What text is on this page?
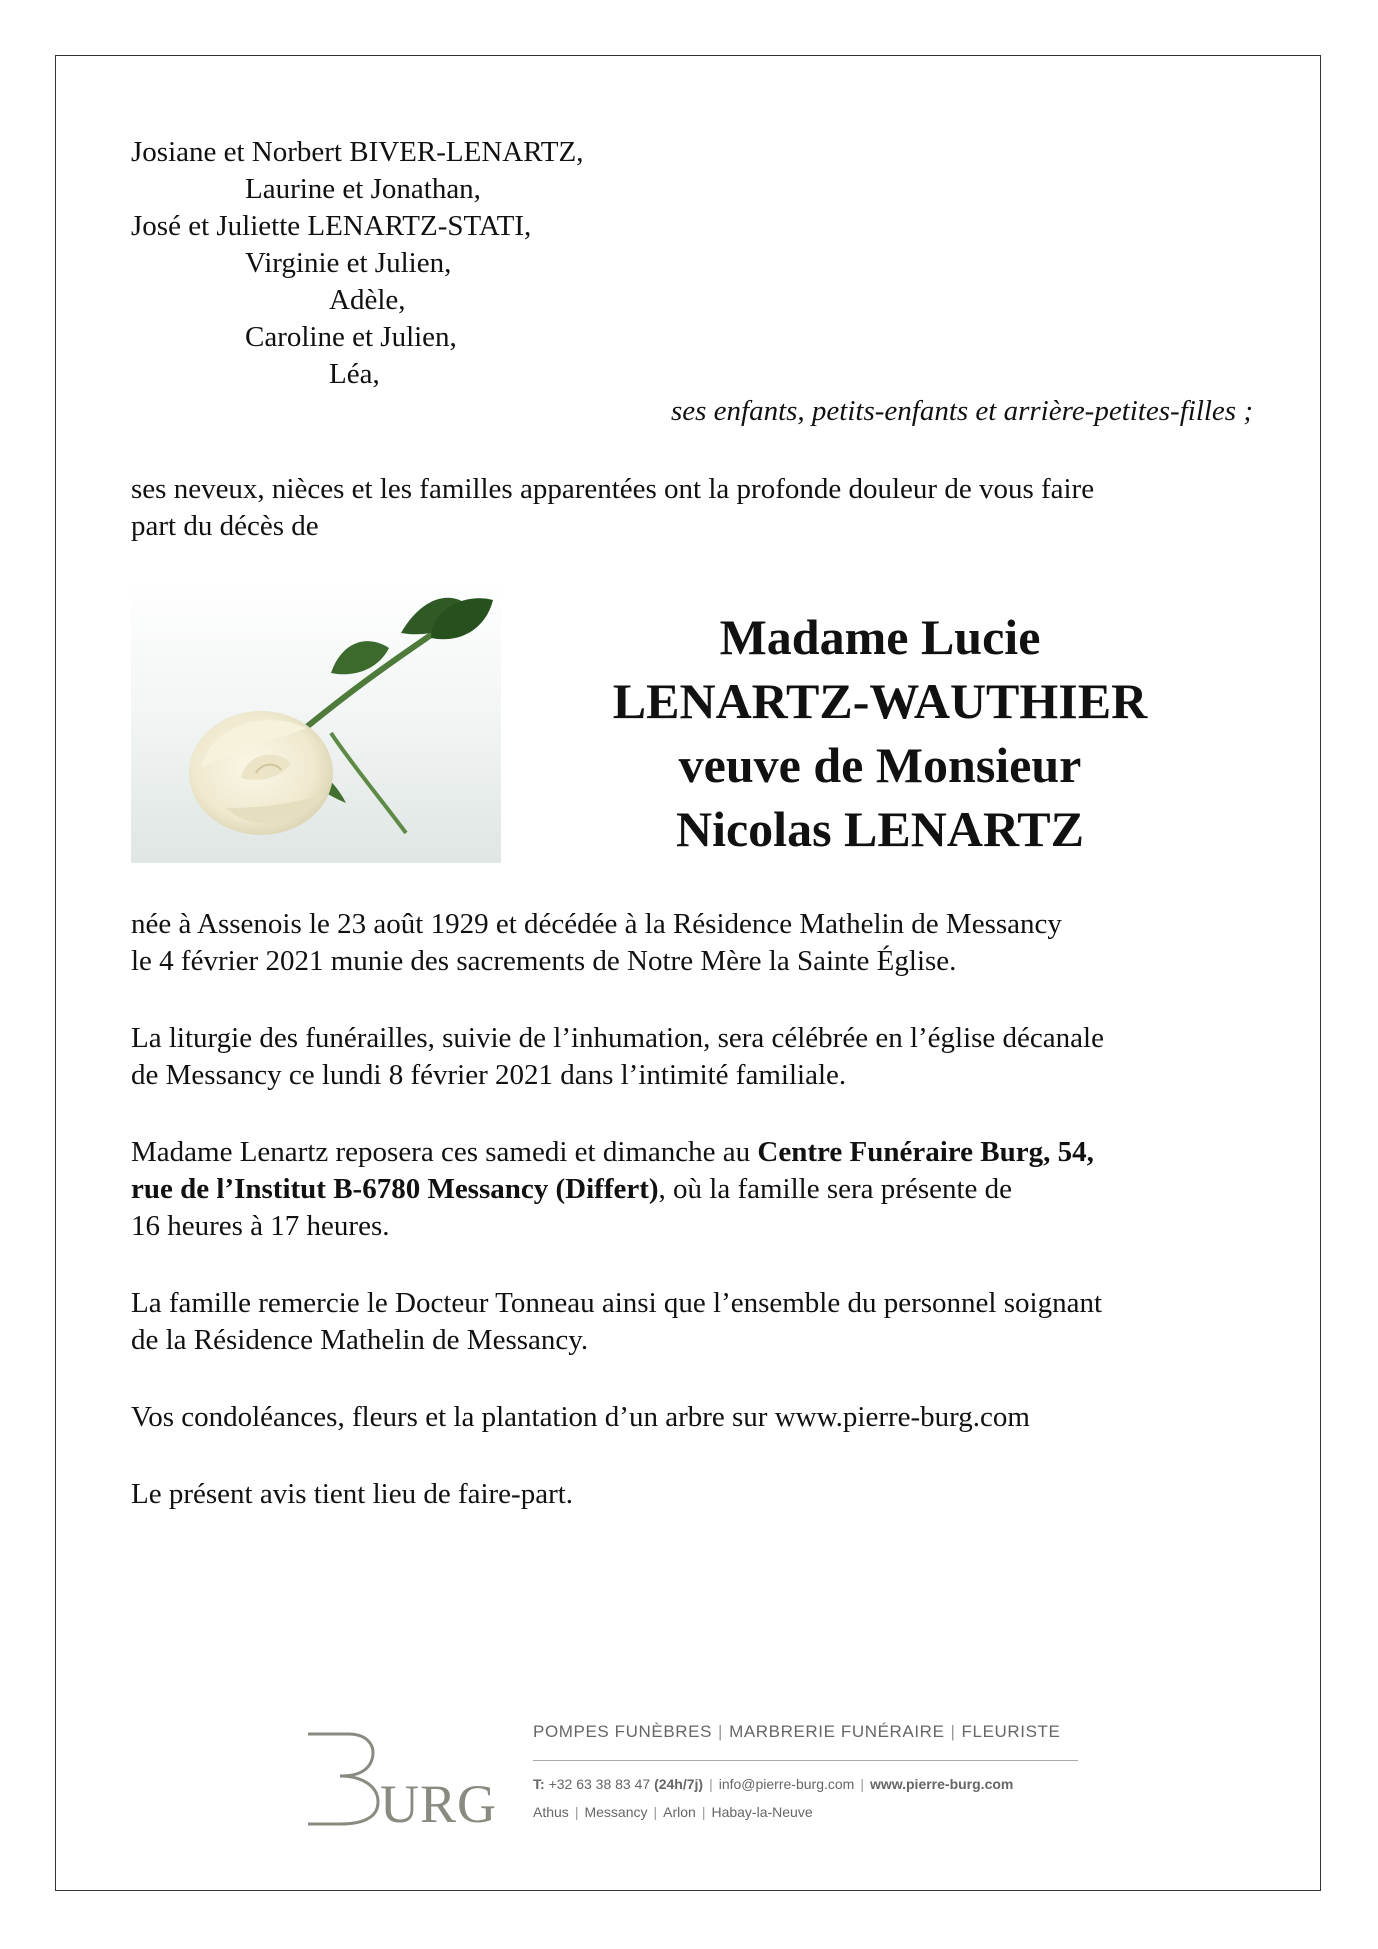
Josiane et Norbert BIVER-LENARTZ,
Laurine et Jonathan,
José et Juliette LENARTZ-STATI,
Virginie et Julien,
Adèle,
Caroline et Julien,
Léa,
ses enfants, petits-enfants et arrière-petites-filles ;
ses neveux, nièces et les familles apparentées ont la profonde douleur de vous faire
part du décès de
Madame Lucie
LENARTZ-WAUTHIER
veuve de Monsieur
Nicolas LENARTZ
née à Assenois le 23 août 1929 et décédée à la Résidence Mathelin de Messancy
le 4 février 2021 munie des sacrements de Notre Mère la Sainte Église.
La liturgie des funérailles, suivie de l’inhumation, sera célébrée en l’église décanale
de Messancy ce lundi 8 février 2021 dans l’intimité familiale.
Madame Lenartz reposera ces samedi et dimanche au Centre Funéraire Burg, 54,
rue de l’Institut B-6780 Messancy (Differt), où la famille sera présente de
16 heures à 17 heures.
La famille remercie le Docteur Tonneau ainsi que l’ensemble du personnel soignant
de la Résidence Mathelin de Messancy.
Vos condoléances, fleurs et la plantation d’un arbre sur www.pierre-burg.com
Le présent avis tient lieu de faire-part.
URG
POMPES FUNÈBRES | MARBRERIE FUNÉRAIRE | FLEURISTE
T: +32 63 38 83 47 (24h/7j) | info@pierre-burg.com | www.pierre-burg.com
Athus | Messancy | Arlon | Habay-la-Neuve
